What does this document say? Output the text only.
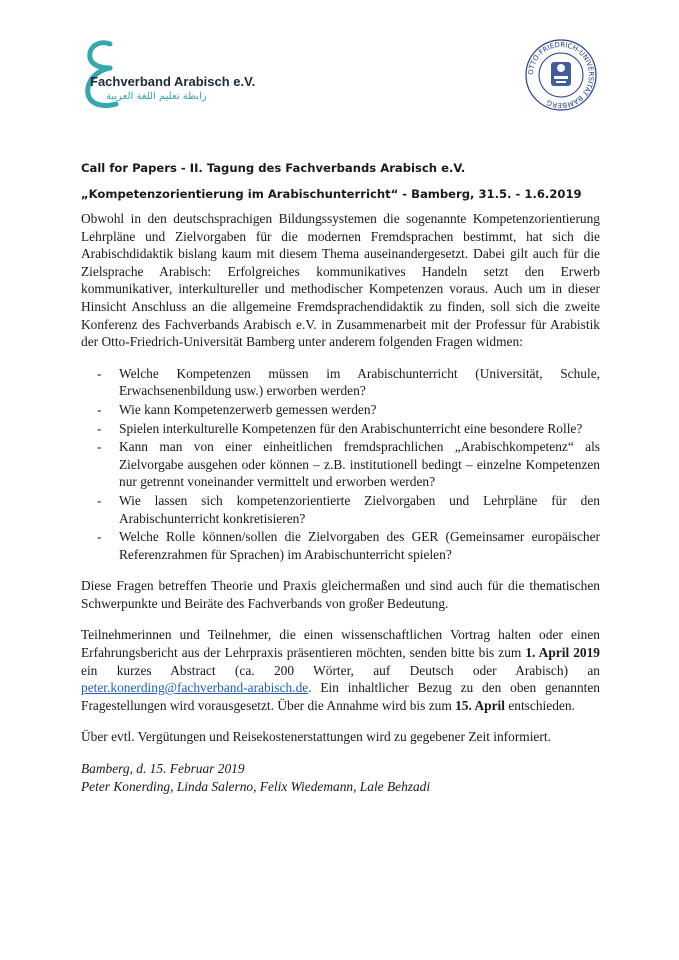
Fachverband Arabisch e.V.
رابطة تعليم اللغة العربية
OTTO-FRIEDRICH-UNIVERSITÄT BAMBERG

Call for Papers - II. Tagung des Fachverbands Arabisch e.V.

„Kompetenzorientierung im Arabischunterricht“ - Bamberg, 31.5. - 1.6.2019

Obwohl in den deutschsprachigen Bildungssystemen die sogenannte Kompetenzorientierung Lehrpläne und Zielvorgaben für die modernen Fremdsprachen bestimmt, hat sich die Arabischdidaktik bislang kaum mit diesem Thema auseinandergesetzt. Dabei gilt auch für die Zielsprache Arabisch: Erfolgreiches kommunikatives Handeln setzt den Erwerb kommunikativer, interkultureller und methodischer Kompetenzen voraus. Auch um in dieser Hinsicht Anschluss an die allgemeine Fremdsprachendidaktik zu finden, soll sich die zweite Konferenz des Fachverbands Arabisch e.V. in Zusammenarbeit mit der Professur für Arabistik der Otto-Friedrich-Universität Bamberg unter anderem folgenden Fragen widmen:

- Welche Kompetenzen müssen im Arabischunterricht (Universität, Schule, Erwachsenenbildung usw.) erworben werden?
- Wie kann Kompetenzerwerb gemessen werden?
- Spielen interkulturelle Kompetenzen für den Arabischunterricht eine besondere Rolle?
- Kann man von einer einheitlichen fremdsprachlichen „Arabischkompetenz“ als Zielvorgabe ausgehen oder können – z.B. institutionell bedingt – einzelne Kompetenzen nur getrennt voneinander vermittelt und erworben werden?
- Wie lassen sich kompetenzorientierte Zielvorgaben und Lehrpläne für den Arabischunterricht konkretisieren?
- Welche Rolle können/sollen die Zielvorgaben des GER (Gemeinsamer europäischer Referenzrahmen für Sprachen) im Arabischunterricht spielen?

Diese Fragen betreffen Theorie und Praxis gleichermaßen und sind auch für die thematischen Schwerpunkte und Beiräte des Fachverbands von großer Bedeutung.

Teilnehmerinnen und Teilnehmer, die einen wissenschaftlichen Vortrag halten oder einen Erfahrungsbericht aus der Lehrpraxis präsentieren möchten, senden bitte bis zum 1. April 2019 ein kurzes Abstract (ca. 200 Wörter, auf Deutsch oder Arabisch) an peter.konerding@fachverband-arabisch.de. Ein inhaltlicher Bezug zu den oben genannten Fragestellungen wird vorausgesetzt. Über die Annahme wird bis zum 15. April entschieden.

Über evtl. Vergütungen und Reisekostenerstattungen wird zu gegebener Zeit informiert.

Bamberg, d. 15. Februar 2019

Peter Konerding, Linda Salerno, Felix Wiedemann, Lale Behzadi
